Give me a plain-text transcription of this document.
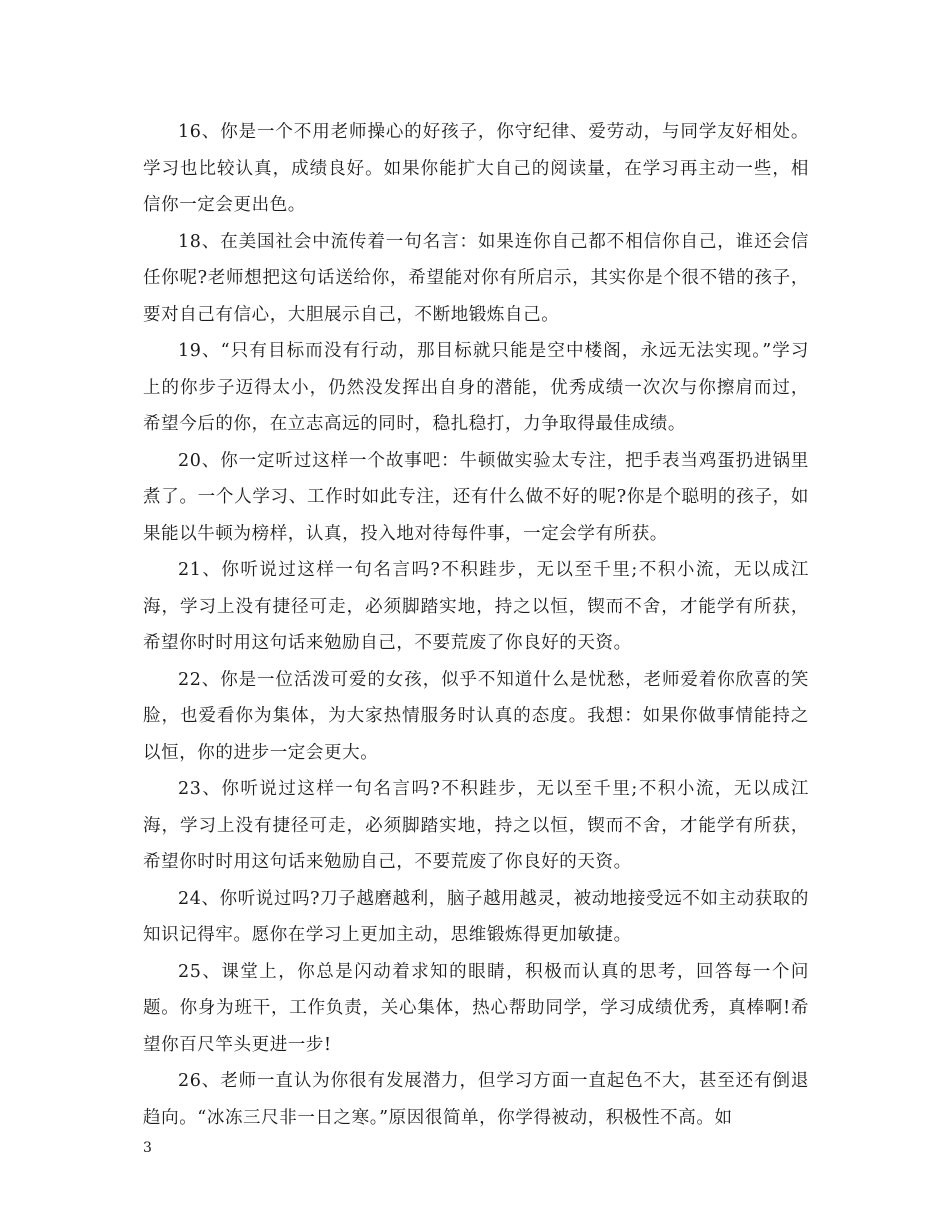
16、你是一个不用老师操心的好孩子，你守纪律、爱劳动，与同学友好相处。学习也比较认真，成绩良好。如果你能扩大自己的阅读量，在学习再主动一些，相信你一定会更出色。

18、在美国社会中流传着一句名言：如果连你自己都不相信你自己，谁还会信任你呢?老师想把这句话送给你，希望能对你有所启示，其实你是个很不错的孩子，要对自己有信心，大胆展示自己，不断地锻炼自己。

19、“只有目标而没有行动，那目标就只能是空中楼阁，永远无法实现。”学习上的你步子迈得太小，仍然没发挥出自身的潜能，优秀成绩一次次与你擦肩而过，希望今后的你，在立志高远的同时，稳扎稳打，力争取得最佳成绩。

20、你一定听过这样一个故事吧：牛顿做实验太专注，把手表当鸡蛋扔进锅里煮了。一个人学习、工作时如此专注，还有什么做不好的呢?你是个聪明的孩子，如果能以牛顿为榜样，认真，投入地对待每件事，一定会学有所获。

21、你听说过这样一句名言吗?不积跬步，无以至千里;不积小流，无以成江海，学习上没有捷径可走，必须脚踏实地，持之以恒，锲而不舍，才能学有所获，希望你时时用这句话来勉励自己，不要荒废了你良好的天资。

22、你是一位活泼可爱的女孩，似乎不知道什么是忧愁，老师爱着你欣喜的笑脸，也爱看你为集体，为大家热情服务时认真的态度。我想：如果你做事情能持之以恒，你的进步一定会更大。

23、你听说过这样一句名言吗?不积跬步，无以至千里;不积小流，无以成江海，学习上没有捷径可走，必须脚踏实地，持之以恒，锲而不舍，才能学有所获，希望你时时用这句话来勉励自己，不要荒废了你良好的天资。

24、你听说过吗?刀子越磨越利，脑子越用越灵，被动地接受远不如主动获取的知识记得牢。愿你在学习上更加主动，思维锻炼得更加敏捷。

25、课堂上，你总是闪动着求知的眼睛，积极而认真的思考，回答每一个问题。你身为班干，工作负责，关心集体，热心帮助同学，学习成绩优秀，真棒啊!希望你百尺竿头更进一步!

26、老师一直认为你很有发展潜力，但学习方面一直起色不大，甚至还有倒退趋向。“冰冻三尺非一日之寒。”原因很简单，你学得被动，积极性不高。如

3
